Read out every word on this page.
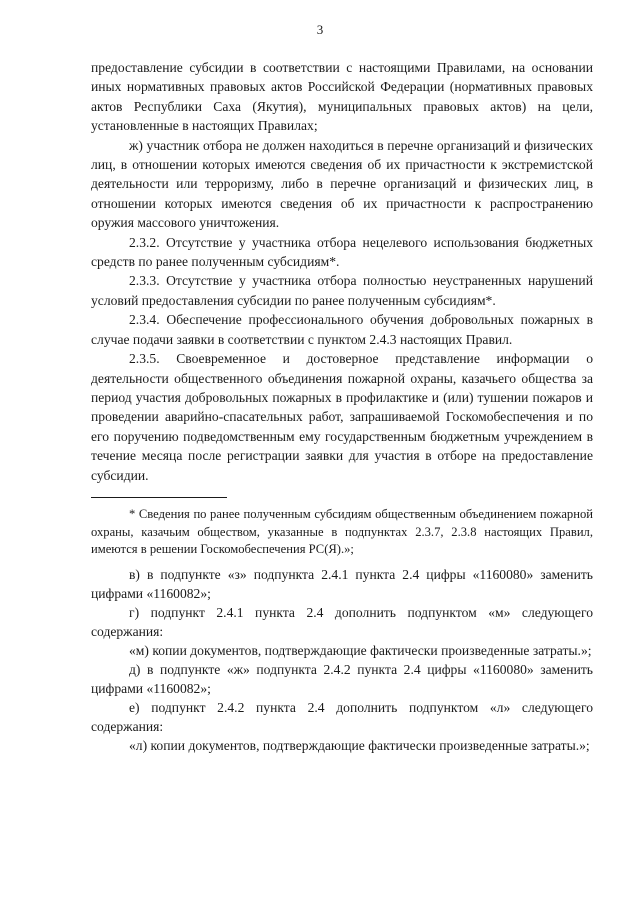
3

предоставление субсидии в соответствии с настоящими Правилами, на основании иных нормативных правовых актов Российской Федерации (нормативных правовых актов Республики Саха (Якутия), муниципальных правовых актов) на цели, установленные в настоящих Правилах;

ж) участник отбора не должен находиться в перечне организаций и физических лиц, в отношении которых имеются сведения об их причастности к экстремистской деятельности или терроризму, либо в перечне организаций и физических лиц, в отношении которых имеются сведения об их причастности к распространению оружия массового уничтожения.

2.3.2. Отсутствие у участника отбора нецелевого использования бюджетных средств по ранее полученным субсидиям*.

2.3.3. Отсутствие у участника отбора полностью неустраненных нарушений условий предоставления субсидии по ранее полученным субсидиям*.

2.3.4. Обеспечение профессионального обучения добровольных пожарных в случае подачи заявки в соответствии с пунктом 2.4.3 настоящих Правил.

2.3.5. Своевременное и достоверное представление информации о деятельности общественного объединения пожарной охраны, казачьего общества за период участия добровольных пожарных в профилактике и (или) тушении пожаров и проведении аварийно-спасательных работ, запрашиваемой Госкомобеспечения и по его поручению подведомственным ему государственным бюджетным учреждением в течение месяца после регистрации заявки для участия в отборе на предоставление субсидии.

* Сведения по ранее полученным субсидиям общественным объединением пожарной охраны, казачьим обществом, указанные в подпунктах 2.3.7, 2.3.8 настоящих Правил, имеются в решении Госкомобеспечения РС(Я).»;

в) в подпункте «з» подпункта 2.4.1 пункта 2.4 цифры «1160080» заменить цифрами «1160082»;

г) подпункт 2.4.1 пункта 2.4 дополнить подпунктом «м» следующего содержания:

«м) копии документов, подтверждающие фактически произведенные затраты.»;

д) в подпункте «ж» подпункта 2.4.2 пункта 2.4 цифры «1160080» заменить цифрами «1160082»;

е) подпункт 2.4.2 пункта 2.4 дополнить подпунктом «л» следующего содержания:

«л) копии документов, подтверждающие фактически произведенные затраты.»;
